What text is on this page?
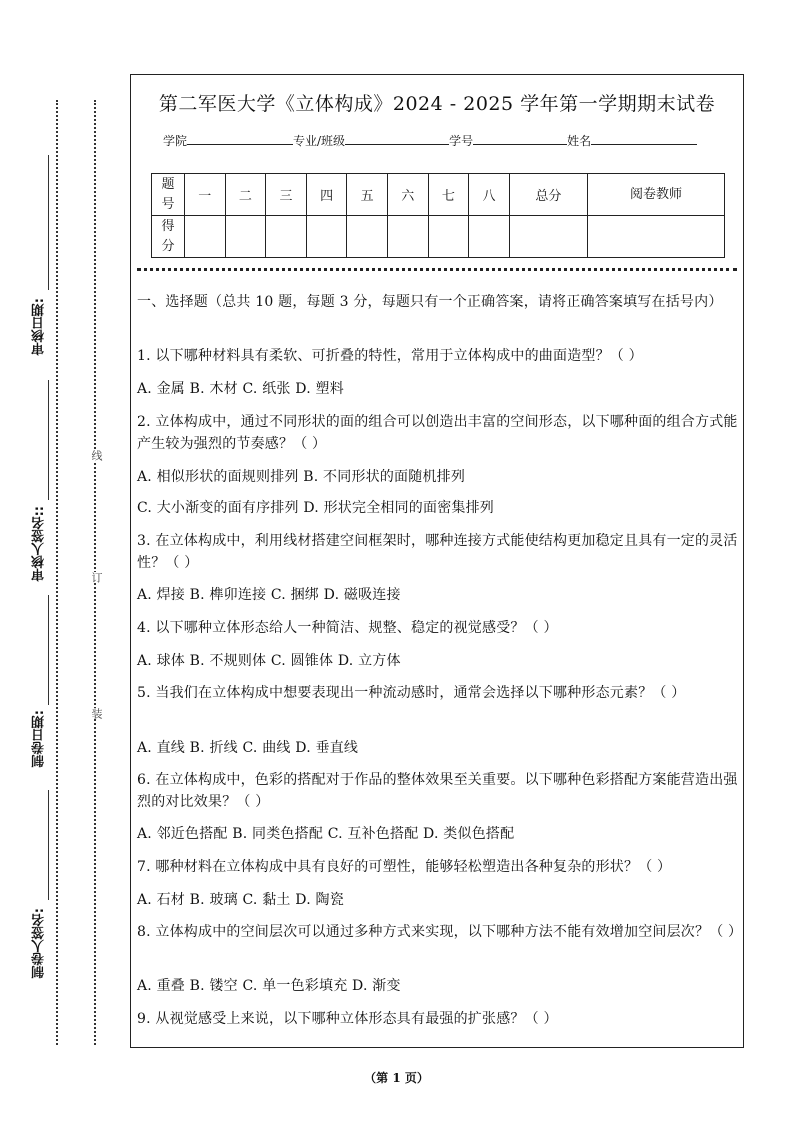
审核日期:
审核人签名::
制卷日期:
制卷人签名:
线
订
装
第二军医大学《立体构成》2024 - 2025 学年第一学期期末试卷
学院	专业/班级	学号	姓名
题号	一	二	三	四	五	六	七	八	总分	阅卷教师
得分										
一、选择题（总共 10 题，每题 3 分，每题只有一个正确答案，请将正确答案填写在括号内）
1. 以下哪种材料具有柔软、可折叠的特性，常用于立体构成中的曲面造型？（ ）
A. 金属 B. 木材 C. 纸张 D. 塑料
2. 立体构成中，通过不同形状的面的组合可以创造出丰富的空间形态，以下哪种面的组合方式能产生较为强烈的节奏感？（ ）
A. 相似形状的面规则排列 B. 不同形状的面随机排列
C. 大小渐变的面有序排列 D. 形状完全相同的面密集排列
3. 在立体构成中，利用线材搭建空间框架时，哪种连接方式能使结构更加稳定且具有一定的灵活性？（ ）
A. 焊接 B. 榫卯连接 C. 捆绑 D. 磁吸连接
4. 以下哪种立体形态给人一种简洁、规整、稳定的视觉感受？（ ）
A. 球体 B. 不规则体 C. 圆锥体 D. 立方体
5. 当我们在立体构成中想要表现出一种流动感时，通常会选择以下哪种形态元素？（ ）
A. 直线 B. 折线 C. 曲线 D. 垂直线
6. 在立体构成中，色彩的搭配对于作品的整体效果至关重要。以下哪种色彩搭配方案能营造出强烈的对比效果？（ ）
A. 邻近色搭配 B. 同类色搭配 C. 互补色搭配 D. 类似色搭配
7. 哪种材料在立体构成中具有良好的可塑性，能够轻松塑造出各种复杂的形状？（ ）
A. 石材 B. 玻璃 C. 黏土 D. 陶瓷
8. 立体构成中的空间层次可以通过多种方式来实现，以下哪种方法不能有效增加空间层次？（ ）
A. 重叠 B. 镂空 C. 单一色彩填充 D. 渐变
9. 从视觉感受上来说，以下哪种立体形态具有最强的扩张感？（ ）
（第 1 页）
